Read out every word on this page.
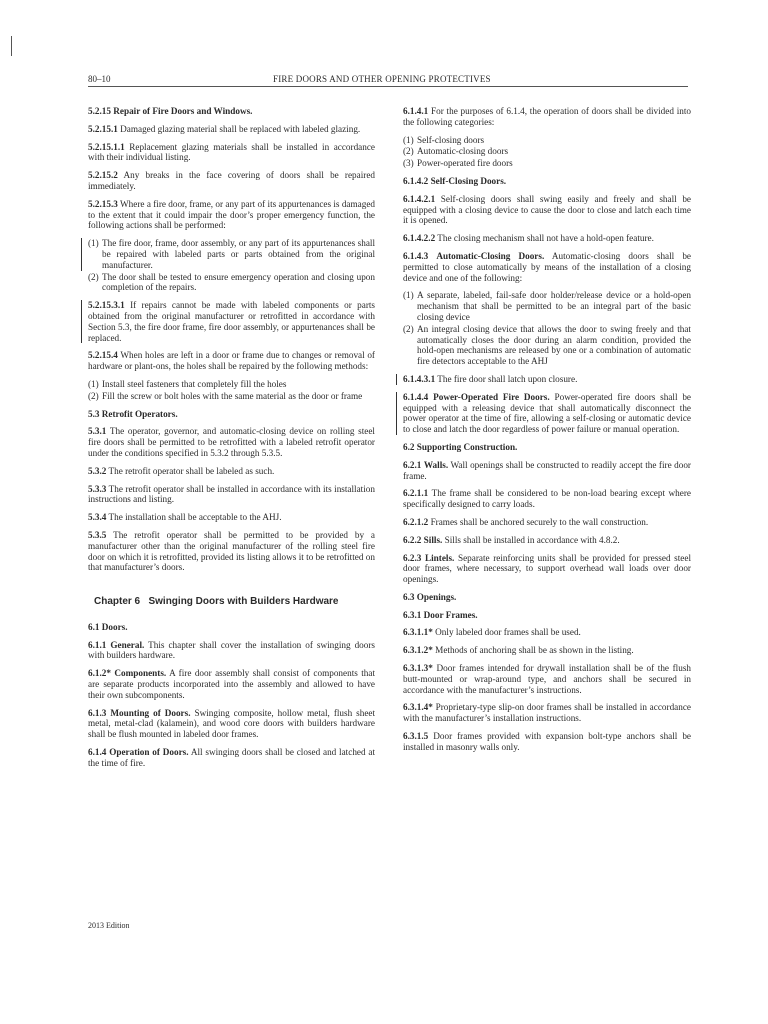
80–10	FIRE DOORS AND OTHER OPENING PROTECTIVES
5.2.15 Repair of Fire Doors and Windows.
5.2.15.1 Damaged glazing material shall be replaced with labeled glazing.
5.2.15.1.1 Replacement glazing materials shall be installed in accordance with their individual listing.
5.2.15.2 Any breaks in the face covering of doors shall be repaired immediately.
5.2.15.3 Where a fire door, frame, or any part of its appurtenances is damaged to the extent that it could impair the door’s proper emergency function, the following actions shall be performed:
(1) The fire door, frame, door assembly, or any part of its appurtenances shall be repaired with labeled parts or parts obtained from the original manufacturer.
(2) The door shall be tested to ensure emergency operation and closing upon completion of the repairs.
5.2.15.3.1 If repairs cannot be made with labeled components or parts obtained from the original manufacturer or retrofitted in accordance with Section 5.3, the fire door frame, fire door assembly, or appurtenances shall be replaced.
5.2.15.4 When holes are left in a door or frame due to changes or removal of hardware or plant-ons, the holes shall be repaired by the following methods:
(1) Install steel fasteners that completely fill the holes
(2) Fill the screw or bolt holes with the same material as the door or frame
5.3 Retrofit Operators.
5.3.1 The operator, governor, and automatic-closing device on rolling steel fire doors shall be permitted to be retrofitted with a labeled retrofit operator under the conditions specified in 5.3.2 through 5.3.5.
5.3.2 The retrofit operator shall be labeled as such.
5.3.3 The retrofit operator shall be installed in accordance with its installation instructions and listing.
5.3.4 The installation shall be acceptable to the AHJ.
5.3.5 The retrofit operator shall be permitted to be provided by a manufacturer other than the original manufacturer of the rolling steel fire door on which it is retrofitted, provided its listing allows it to be retrofitted on that manufacturer’s doors.
Chapter 6 Swinging Doors with Builders Hardware
6.1 Doors.
6.1.1 General. This chapter shall cover the installation of swinging doors with builders hardware.
6.1.2* Components. A fire door assembly shall consist of components that are separate products incorporated into the assembly and allowed to have their own subcomponents.
6.1.3 Mounting of Doors. Swinging composite, hollow metal, flush sheet metal, metal-clad (kalamein), and wood core doors with builders hardware shall be flush mounted in labeled door frames.
6.1.4 Operation of Doors. All swinging doors shall be closed and latched at the time of fire.
6.1.4.1 For the purposes of 6.1.4, the operation of doors shall be divided into the following categories:
(1) Self-closing doors
(2) Automatic-closing doors
(3) Power-operated fire doors
6.1.4.2 Self-Closing Doors.
6.1.4.2.1 Self-closing doors shall swing easily and freely and shall be equipped with a closing device to cause the door to close and latch each time it is opened.
6.1.4.2.2 The closing mechanism shall not have a hold-open feature.
6.1.4.3 Automatic-Closing Doors. Automatic-closing doors shall be permitted to close automatically by means of the installation of a closing device and one of the following:
(1) A separate, labeled, fail-safe door holder/release device or a hold-open mechanism that shall be permitted to be an integral part of the basic closing device
(2) An integral closing device that allows the door to swing freely and that automatically closes the door during an alarm condition, provided the hold-open mechanisms are released by one or a combination of automatic fire detectors acceptable to the AHJ
6.1.4.3.1 The fire door shall latch upon closure.
6.1.4.4 Power-Operated Fire Doors. Power-operated fire doors shall be equipped with a releasing device that shall automatically disconnect the power operator at the time of fire, allowing a self-closing or automatic device to close and latch the door regardless of power failure or manual operation.
6.2 Supporting Construction.
6.2.1 Walls. Wall openings shall be constructed to readily accept the fire door frame.
6.2.1.1 The frame shall be considered to be non-load bearing except where specifically designed to carry loads.
6.2.1.2 Frames shall be anchored securely to the wall construction.
6.2.2 Sills. Sills shall be installed in accordance with 4.8.2.
6.2.3 Lintels. Separate reinforcing units shall be provided for pressed steel door frames, where necessary, to support overhead wall loads over door openings.
6.3 Openings.
6.3.1 Door Frames.
6.3.1.1* Only labeled door frames shall be used.
6.3.1.2* Methods of anchoring shall be as shown in the listing.
6.3.1.3* Door frames intended for drywall installation shall be of the flush butt-mounted or wrap-around type, and anchors shall be secured in accordance with the manufacturer’s instructions.
6.3.1.4* Proprietary-type slip-on door frames shall be installed in accordance with the manufacturer’s installation instructions.
6.3.1.5 Door frames provided with expansion bolt-type anchors shall be installed in masonry walls only.
2013 Edition
